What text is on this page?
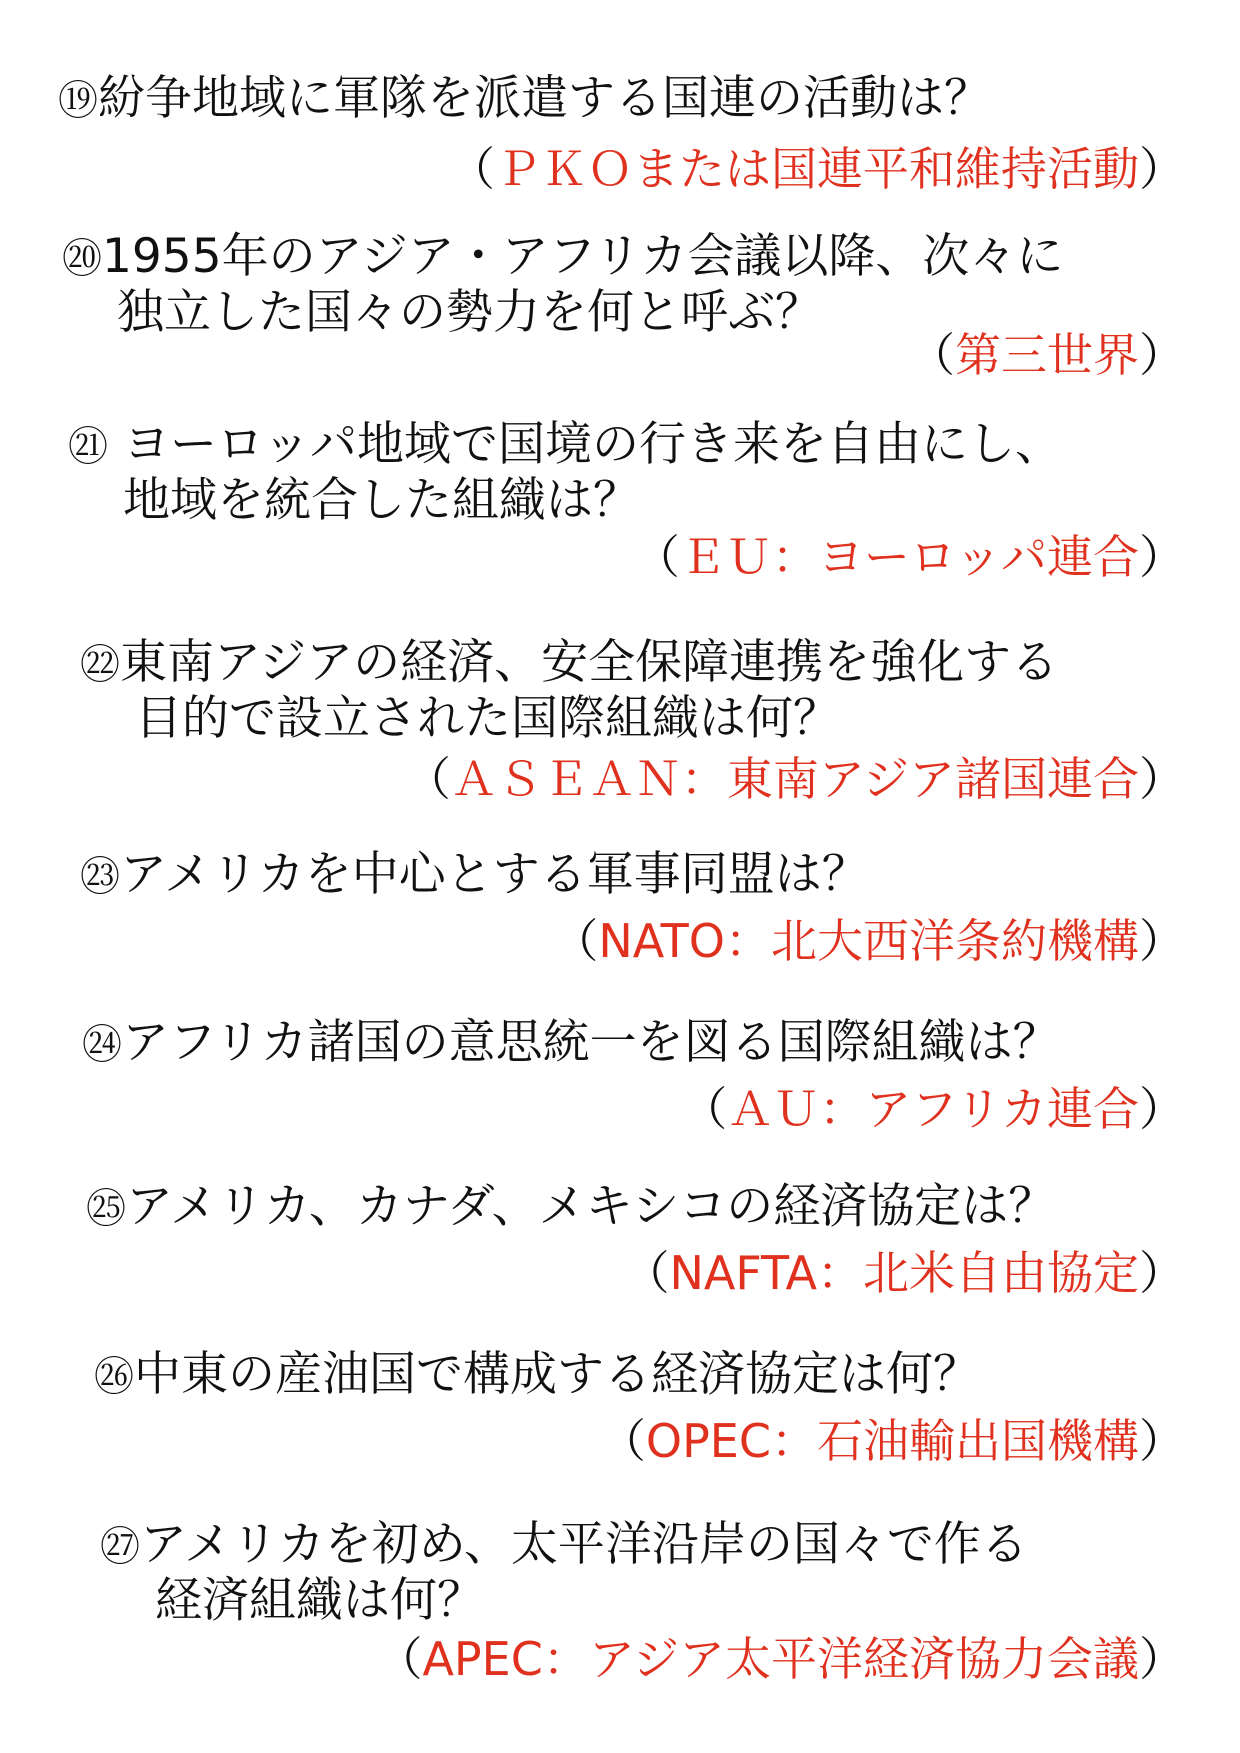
⑲紛争地域に軍隊を派遣する国連の活動は？

（ＰＫＯまたは国連平和維持活動）

⑳1955年のアジア・アフリカ会議以降、次々に
独立した国々の勢力を何と呼ぶ？

（第三世界）

㉑ ヨーロッパ地域で国境の行き来を自由にし、
地域を統合した組織は？

（ＥＵ：ヨーロッパ連合）

㉒東南アジアの経済、安全保障連携を強化する
目的で設立された国際組織は何？

（ＡＳＥＡＮ：東南アジア諸国連合）

㉓アメリカを中心とする軍事同盟は？

（NATO：北大西洋条約機構）

㉔アフリカ諸国の意思統一を図る国際組織は？

（ＡＵ：アフリカ連合）

㉕アメリカ、カナダ、メキシコの経済協定は？

（NAFTA：北米自由協定）

㉖中東の産油国で構成する経済協定は何？

（OPEC：石油輸出国機構）

㉗アメリカを初め、太平洋沿岸の国々で作る
経済組織は何？

（APEC：アジア太平洋経済協力会議）
